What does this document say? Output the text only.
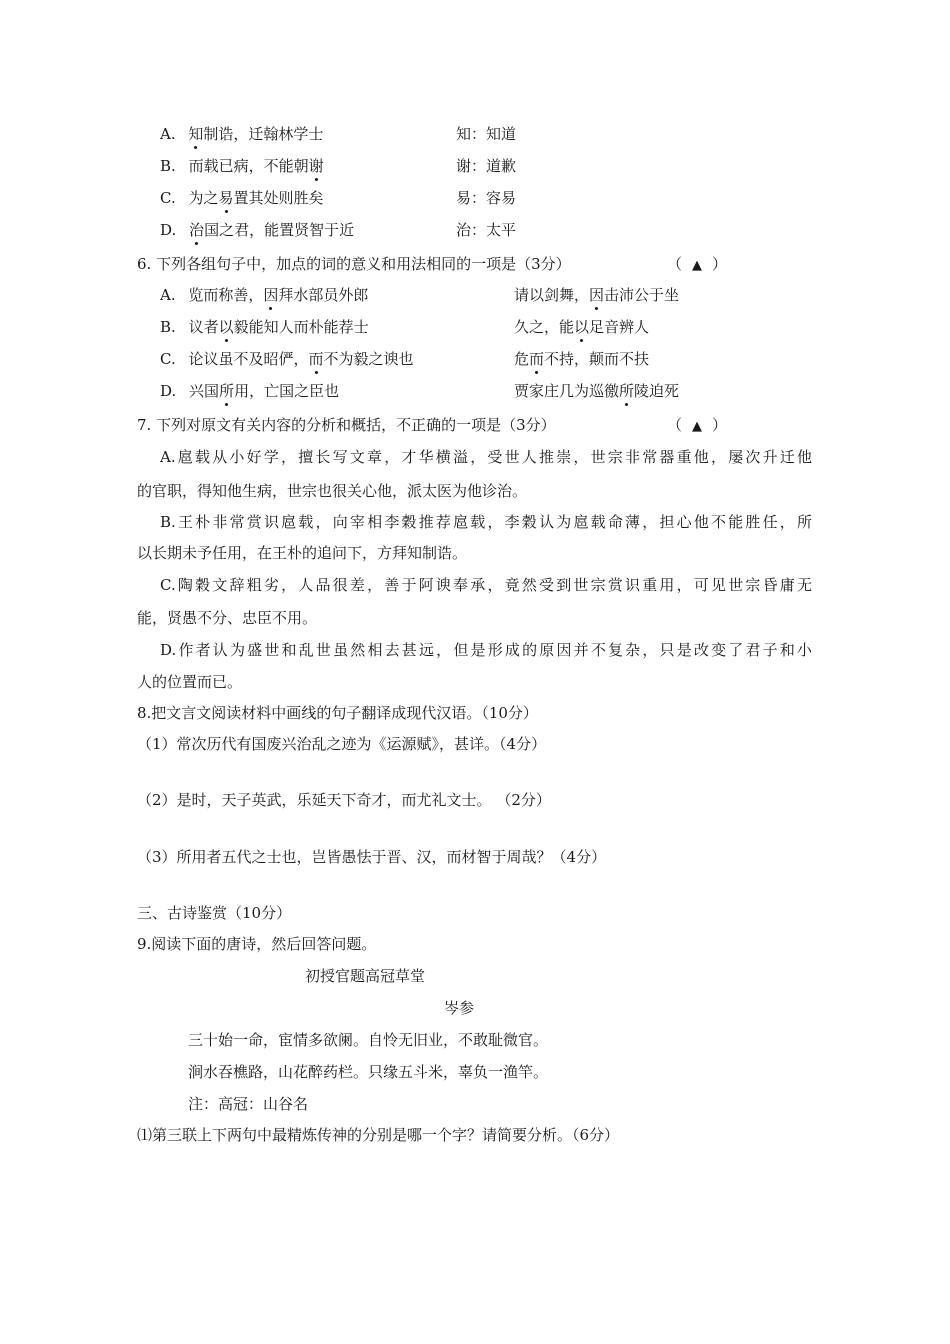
A. 知制诰，迁翰林学士	知：知道
B. 而载已病，不能朝谢	谢：道歉
C. 为之易置其处则胜矣	易：容易
D. 治国之君，能置贤智于近	治：太平
6. 下列各组句子中，加点的词的意义和用法相同的一项是（3分）	（ ▲ ）
A. 览而称善，因拜水部员外郎	请以剑舞，因击沛公于坐
B. 议者以毅能知人而朴能荐士	久之，能以足音辨人
C. 论议虽不及昭俨，而不为毅之谀也	危而不持，颠而不扶
D. 兴国所用，亡国之臣也	贾家庄几为巡徼所陵迫死
7. 下列对原文有关内容的分析和概括，不正确的一项是（3分）	（ ▲ ）
A.扈载从小好学，擅长写文章，才华横溢，受世人推崇，世宗非常器重他，屡次升迁他
的官职，得知他生病，世宗也很关心他，派太医为他诊治。
B.王朴非常赏识扈载，向宰相李穀推荐扈载，李穀认为扈载命薄，担心他不能胜任，所
以长期未予任用，在王朴的追问下，方拜知制诰。
C.陶穀文辞粗劣，人品很差，善于阿谀奉承，竟然受到世宗赏识重用，可见世宗昏庸无
能，贤愚不分、忠臣不用。
D.作者认为盛世和乱世虽然相去甚远，但是形成的原因并不复杂，只是改变了君子和小
人的位置而已。
8.把文言文阅读材料中画线的句子翻译成现代汉语。（10分）
（1）常次历代有国废兴治乱之迹为《运源赋》，甚详。（4分）
（2）是时，天子英武，乐延天下奇才，而尤礼文士。 （2分）
（3）所用者五代之士也，岂皆愚怯于晋、汉，而材智于周哉？（4分）
三、古诗鉴赏（10分）
9.阅读下面的唐诗，然后回答问题。
初授官题高冠草堂
岑参
三十始一命，宦情多欲阑。自怜无旧业，不敢耻微官。
涧水吞樵路，山花醉药栏。只缘五斗米，辜负一渔竿。
注：高冠：山谷名
⑴第三联上下两句中最精炼传神的分别是哪一个字？请简要分析。（6分）
